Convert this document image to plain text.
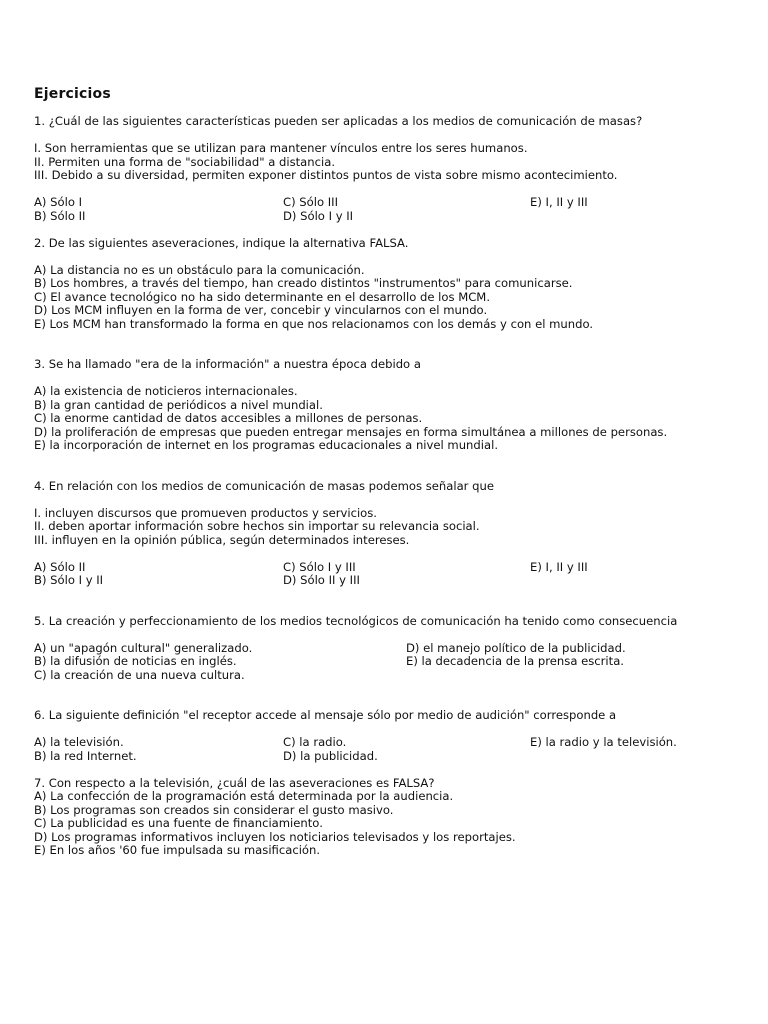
Ejercicios
1. ¿Cuál de las siguientes características pueden ser aplicadas a los medios de comunicación de masas?
I. Son herramientas que se utilizan para mantener vínculos entre los seres humanos.
II. Permiten una forma de "sociabilidad" a distancia.
III. Debido a su diversidad, permiten exponer distintos puntos de vista sobre mismo acontecimiento.
A) Sólo I	C) Sólo III	E) I, II y III
B) Sólo II	D) Sólo I y II
2. De las siguientes aseveraciones, indique la alternativa FALSA.
A) La distancia no es un obstáculo para la comunicación.
B) Los hombres, a través del tiempo, han creado distintos "instrumentos" para comunicarse.
C) El avance tecnológico no ha sido determinante en el desarrollo de los MCM.
D) Los MCM influyen en la forma de ver, concebir y vincularnos con el mundo.
E) Los MCM han transformado la forma en que nos relacionamos con los demás y con el mundo.
3. Se ha llamado "era de la información" a nuestra época debido a
A) la existencia de noticieros internacionales.
B) la gran cantidad de periódicos a nivel mundial.
C) la enorme cantidad de datos accesibles a millones de personas.
D) la proliferación de empresas que pueden entregar mensajes en forma simultánea a millones de personas.
E) la incorporación de internet en los programas educacionales a nivel mundial.
4. En relación con los medios de comunicación de masas podemos señalar que
I. incluyen discursos que promueven productos y servicios.
II. deben aportar información sobre hechos sin importar su relevancia social.
III. influyen en la opinión pública, según determinados intereses.
A) Sólo II	C) Sólo I y III	E) I, II y III
B) Sólo I y II	D) Sólo II y III
5. La creación y perfeccionamiento de los medios tecnológicos de comunicación ha tenido como consecuencia
A) un "apagón cultural" generalizado.	D) el manejo político de la publicidad.
B) la difusión de noticias en inglés.	E) la decadencia de la prensa escrita.
C) la creación de una nueva cultura.
6. La siguiente definición "el receptor accede al mensaje sólo por medio de audición" corresponde a
A) la televisión.	C) la radio.	E) la radio y la televisión.
B) la red Internet.	D) la publicidad.
7. Con respecto a la televisión, ¿cuál de las aseveraciones es FALSA?
A) La confección de la programación está determinada por la audiencia.
B) Los programas son creados sin considerar el gusto masivo.
C) La publicidad es una fuente de financiamiento.
D) Los programas informativos incluyen los noticiarios televisados y los reportajes.
E) En los años '60 fue impulsada su masificación.
